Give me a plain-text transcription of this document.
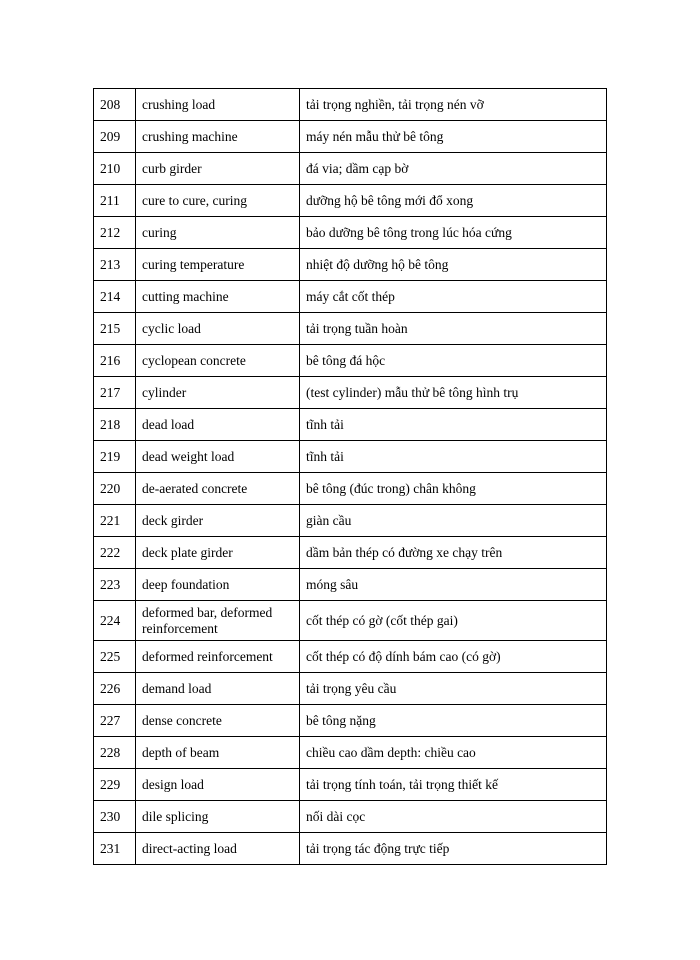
208	crushing load	tải trọng nghiền, tải trọng nén vỡ
209	crushing machine	máy nén mẫu thử bê tông
210	curb girder	đá via; dầm cạp bờ
211	cure to cure, curing	dưỡng hộ bê tông mới đổ xong
212	curing	bảo dưỡng bê tông trong lúc hóa cứng
213	curing temperature	nhiệt độ dưỡng hộ bê tông
214	cutting machine	máy cắt cốt thép
215	cyclic load	tải trọng tuần hoàn
216	cyclopean concrete	bê tông đá hộc
217	cylinder	(test cylinder) mẫu thử bê tông hình trụ
218	dead load	tĩnh tải
219	dead weight load	tĩnh tải
220	de-aerated concrete	bê tông (đúc trong) chân không
221	deck girder	giàn cầu
222	deck plate girder	dầm bản thép có đường xe chạy trên
223	deep foundation	móng sâu
224	deformed bar, deformed reinforcement	cốt thép có gờ (cốt thép gai)
225	deformed reinforcement	cốt thép có độ dính bám cao (có gờ)
226	demand load	tải trọng yêu cầu
227	dense concrete	bê tông nặng
228	depth of beam	chiều cao dầm depth: chiều cao
229	design load	tải trọng tính toán, tải trọng thiết kế
230	dile splicing	nối dài cọc
231	direct-acting load	tải trọng tác động trực tiếp
